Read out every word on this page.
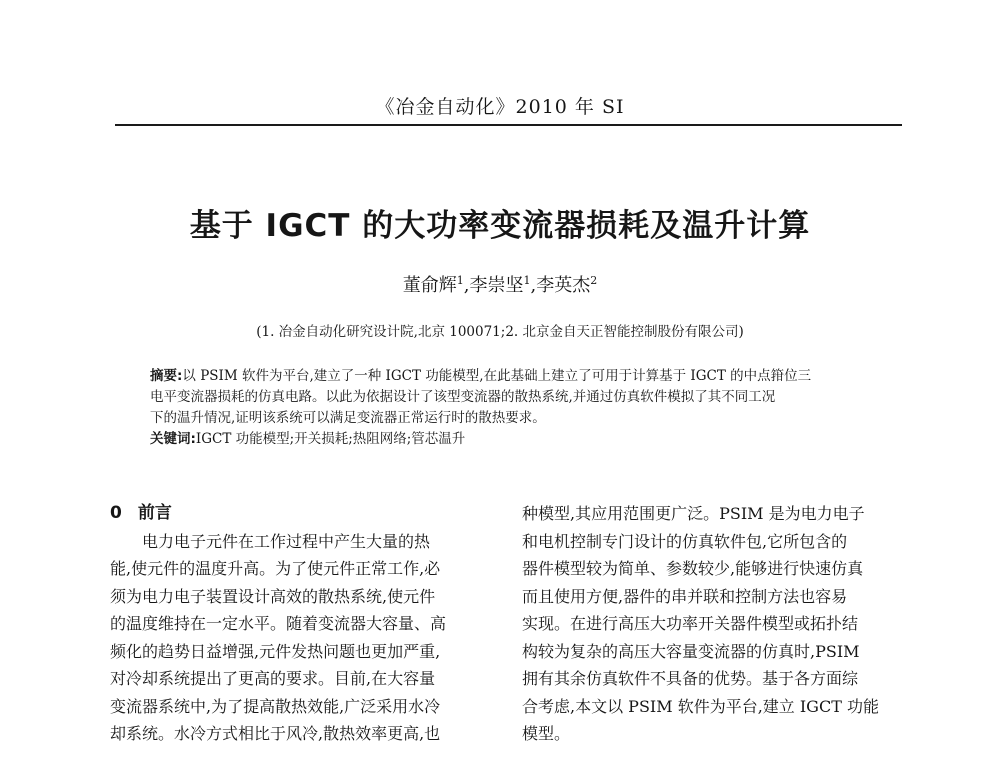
《冶金自动化》2010 年 SI
基于 IGCT 的大功率变流器损耗及温升计算
董俞辉$^1$,李崇坚$^1$,李英杰$^2$
(1. 冶金自动化研究设计院,北京 100071;2. 北京金自天正智能控制股份有限公司)

摘要:以 PSIM 软件为平台,建立了一种 IGCT 功能模型,在此基础上建立了可用于计算基于 IGCT 的中点箝位三

电平变流器损耗的仿真电路。以此为依据设计了该型变流器的散热系统,并通过仿真软件模拟了其不同工况

下的温升情况,证明该系统可以满足变流器正常运行时的散热要求。

关键词:IGCT 功能模型;开关损耗;热阻网络;管芯温升

0 前言
电力电子元件在工作过程中产生大量的热
能,使元件的温度升高。为了使元件正常工作,必
须为电力电子装置设计高效的散热系统,使元件
的温度维持在一定水平。随着变流器大容量、高
频化的趋势日益增强,元件发热问题也更加严重,
对冷却系统提出了更高的要求。目前,在大容量
变流器系统中,为了提高散热效能,广泛采用水冷
却系统。水冷方式相比于风冷,散热效率更高,也
种模型,其应用范围更广泛。PSIM 是为电力电子
和电机控制专门设计的仿真软件包,它所包含的
器件模型较为简单、参数较少,能够进行快速仿真
而且使用方便,器件的串并联和控制方法也容易
实现。在进行高压大功率开关器件模型或拓扑结
构较为复杂的高压大容量变流器的仿真时,PSIM
拥有其余仿真软件不具备的优势。基于各方面综
合考虑,本文以 PSIM 软件为平台,建立 IGCT 功能
模型。
